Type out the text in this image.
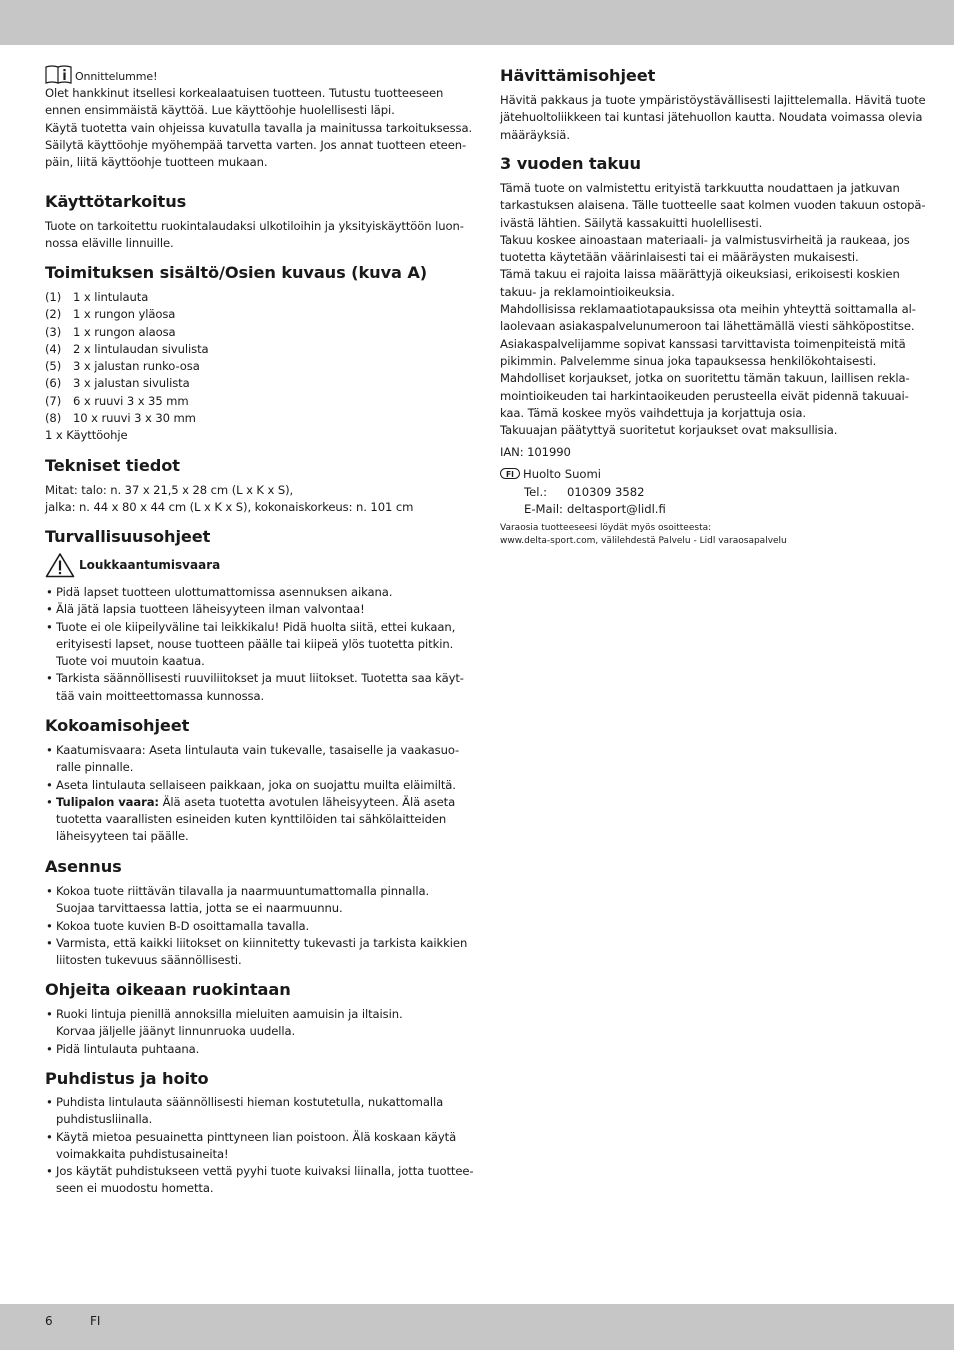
Onnittelumme!
Olet hankkinut itsellesi korkealaatuisen tuotteen. Tutustu tuotteeseen
ennen ensimmäistä käyttöä. Lue käyttöohje huolellisesti läpi.
Käytä tuotetta vain ohjeissa kuvatulla tavalla ja mainitussa tarkoituksessa.
Säilytä käyttöohje myöhempää tarvetta varten. Jos annat tuotteen eteen-
päin, liitä käyttöohje tuotteen mukaan.
Käyttötarkoitus
Tuote on tarkoitettu ruokintalaudaksi ulkotiloihin ja yksityiskäyttöön luon-
nossa eläville linnuille.
Toimituksen sisältö/Osien kuvaus (kuva A)
(1) 1 x lintulauta
(2) 1 x rungon yläosa
(3) 1 x rungon alaosa
(4) 2 x lintulaudan sivulista
(5) 3 x jalustan runko-osa
(6) 3 x jalustan sivulista
(7) 6 x ruuvi 3 x 35 mm
(8) 10 x ruuvi 3 x 30 mm
1 x Käyttöohje
Tekniset tiedot
Mitat: talo: n. 37 x 21,5 x 28 cm (L x K x S),
jalka: n. 44 x 80 x 44 cm (L x K x S), kokonaiskorkeus: n. 101 cm
Turvallisuusohjeet
Loukkaantumisvaara
• Pidä lapset tuotteen ulottumattomissa asennuksen aikana.
• Älä jätä lapsia tuotteen läheisyyteen ilman valvontaa!
• Tuote ei ole kiipeilyväline tai leikkikalu! Pidä huolta siitä, ettei kukaan,
erityisesti lapset, nouse tuotteen päälle tai kiipeä ylös tuotetta pitkin.
Tuote voi muutoin kaatua.
• Tarkista säännöllisesti ruuviliitokset ja muut liitokset. Tuotetta saa käyt-
tää vain moitteettomassa kunnossa.
Kokoamisohjeet
• Kaatumisvaara: Aseta lintulauta vain tukevalle, tasaiselle ja vaakasuo-
ralle pinnalle.
• Aseta lintulauta sellaiseen paikkaan, joka on suojattu muilta eläimiltä.
• Tulipalon vaara: Älä aseta tuotetta avotulen läheisyyteen. Älä aseta
tuotetta vaarallisten esineiden kuten kynttilöiden tai sähkölaitteiden
läheisyyteen tai päälle.
Asennus
• Kokoa tuote riittävän tilavalla ja naarmuuntumattomalla pinnalla.
Suojaa tarvittaessa lattia, jotta se ei naarmuunnu.
• Kokoa tuote kuvien B-D osoittamalla tavalla.
• Varmista, että kaikki liitokset on kiinnitetty tukevasti ja tarkista kaikkien
liitosten tukevuus säännöllisesti.
Ohjeita oikeaan ruokintaan
• Ruoki lintuja pienillä annoksilla mieluiten aamuisin ja iltaisin.
Korvaa jäljelle jäänyt linnunruoka uudella.
• Pidä lintulauta puhtaana.
Puhdistus ja hoito
• Puhdista lintulauta säännöllisesti hieman kostutetulla, nukattomalla
puhdistusliinalla.
• Käytä mietoa pesuainetta pinttyneen lian poistoon. Älä koskaan käytä
voimakkaita puhdistusaineita!
• Jos käytät puhdistukseen vettä pyyhi tuote kuivaksi liinalla, jotta tuottee-
seen ei muodostu hometta.
Hävittämisohjeet
Hävitä pakkaus ja tuote ympäristöystävällisesti lajittelemalla. Hävitä tuote
jätehuoltoliikkeen tai kuntasi jätehuollon kautta. Noudata voimassa olevia
määräyksiä.
3 vuoden takuu
Tämä tuote on valmistettu erityistä tarkkuutta noudattaen ja jatkuvan
tarkastuksen alaisena. Tälle tuotteelle saat kolmen vuoden takuun ostopä-
ivästä lähtien. Säilytä kassakuitti huolellisesti.
Takuu koskee ainoastaan materiaali- ja valmistusvirheitä ja raukeaa, jos
tuotetta käytetään väärinlaisesti tai ei määräysten mukaisesti.
Tämä takuu ei rajoita laissa määrättyjä oikeuksiasi, erikoisesti koskien
takuu- ja reklamointioikeuksia.
Mahdollisissa reklamaatiotapauksissa ota meihin yhteyttä soittamalla al-
laolevaan asiakaspalvelunumeroon tai lähettämällä viesti sähköpostitse.
Asiakaspalvelijamme sopivat kanssasi tarvittavista toimenpiteistä mitä
pikimmin. Palvelemme sinua joka tapauksessa henkilökohtaisesti.
Mahdolliset korjaukset, jotka on suoritettu tämän takuun, laillisen rekla-
mointioikeuden tai harkintaoikeuden perusteella eivät pidennä takuuai-
kaa. Tämä koskee myös vaihdettuja ja korjattuja osia.
Takuuajan päätyttyä suoritetut korjaukset ovat maksullisia.
IAN: 101990
FI Huolto Suomi
Tel.: 010309 3582
E-Mail: deltasport@lidl.fi
Varaosia tuotteeseesi löydät myös osoitteesta:
www.delta-sport.com, välilehdestä Palvelu - Lidl varaosapalvelu
6	FI
